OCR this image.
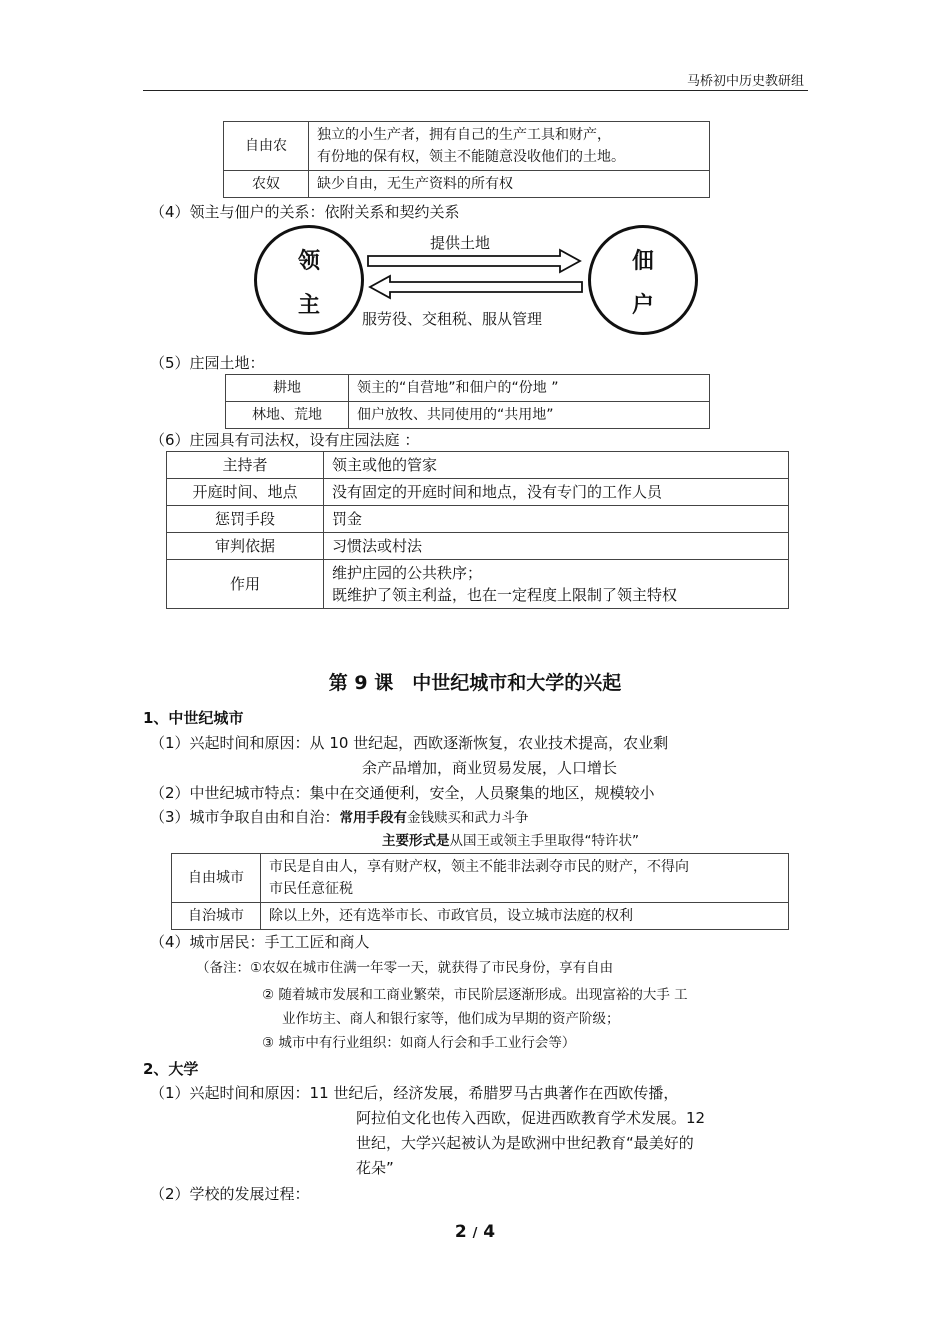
马桥初中历史教研组
自由农	独立的小生产者，拥有自己的生产工具和财产，
有份地的保有权，领主不能随意没收他们的土地。

农奴	缺少自由，无生产资料的所有权
（4）领主与佃户的关系：依附关系和契约关系
领
主
佃
户
提供土地
服劳役、交租税、服从管理
（5）庄园土地：
耕地	领主的“自营地”和佃户的“份地 ”
林地、荒地	佃户放牧、共同使用的“共用地”
（6）庄园具有司法权，设有庄园法庭 ：
主持者	领主或他的管家
开庭时间、地点	没有固定的开庭时间和地点，没有专门的工作人员
惩罚手段	罚金
审判依据	习惯法或村法
作用	维护庄园的公共秩序；
既维护了领主利益，也在一定程度上限制了领主特权
第 9 课　中世纪城市和大学的兴起
1、中世纪城市
（1）兴起时间和原因：从 10 世纪起，西欧逐渐恢复，农业技术提高，农业剩
余产品增加，商业贸易发展，人口增长
（2）中世纪城市特点：集中在交通便利，安全，人员聚集的地区，规模较小
（3）城市争取自由和自治：常用手段有金钱赎买和武力斗争
主要形式是从国王或领主手里取得“特许状”
自由城市	市民是自由人，享有财产权，领主不能非法剥夺市民的财产，不得向
市民任意征税

自治城市	除以上外，还有选举市长、市政官员，设立城市法庭的权利
（4）城市居民：手工工匠和商人
（备注：①农奴在城市住满一年零一天，就获得了市民身份，享有自由
② 随着城市发展和工商业繁荣，市民阶层逐渐形成。出现富裕的大手 工
业作坊主、商人和银行家等，他们成为早期的资产阶级；
③ 城市中有行业组织：如商人行会和手工业行会等）
2、大学
（1）兴起时间和原因：11 世纪后，经济发展，希腊罗马古典著作在西欧传播，
阿拉伯文化也传入西欧，促进西欧教育学术发展。12
世纪，大学兴起被认为是欧洲中世纪教育“最美好的
花朵”
（2）学校的发展过程：
2 / 4
